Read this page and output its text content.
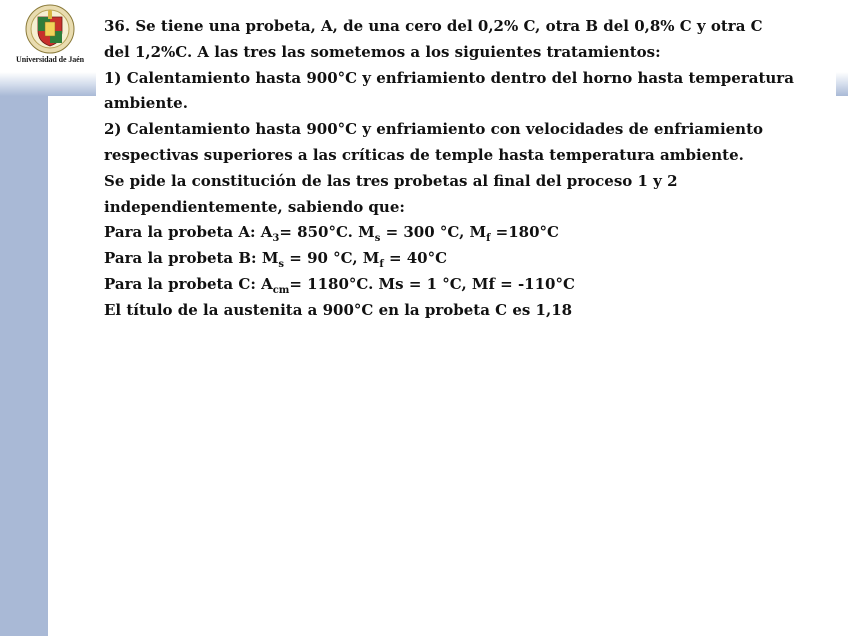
Universidad de Jaén
36. Se tiene una probeta, A, de una cero del 0,2% C, otra B del 0,8% C y otra C
del 1,2%C. A las tres las sometemos a los siguientes tratamientos:
1) Calentamiento hasta 900°C y enfriamiento dentro del horno hasta temperatura
ambiente.
2) Calentamiento hasta 900°C y enfriamiento con velocidades de enfriamiento
respectivas superiores a las críticas de temple hasta temperatura ambiente.
Se pide la constitución de las tres probetas al final del proceso 1 y 2
independientemente, sabiendo que:
Para la probeta A: $A_3= 850^\circ C$. $M_s = 300$ °C, $M_f =180^\circ C$
Para la probeta B: $M_s = 90$ °C, $M_f = 40^\circ C$
Para la probeta C: $A_{cm}= 1180^\circ C$. Ms = 1 °C, Mf = -110°C
El título de la austenita a 900°C en la probeta C es 1,18
